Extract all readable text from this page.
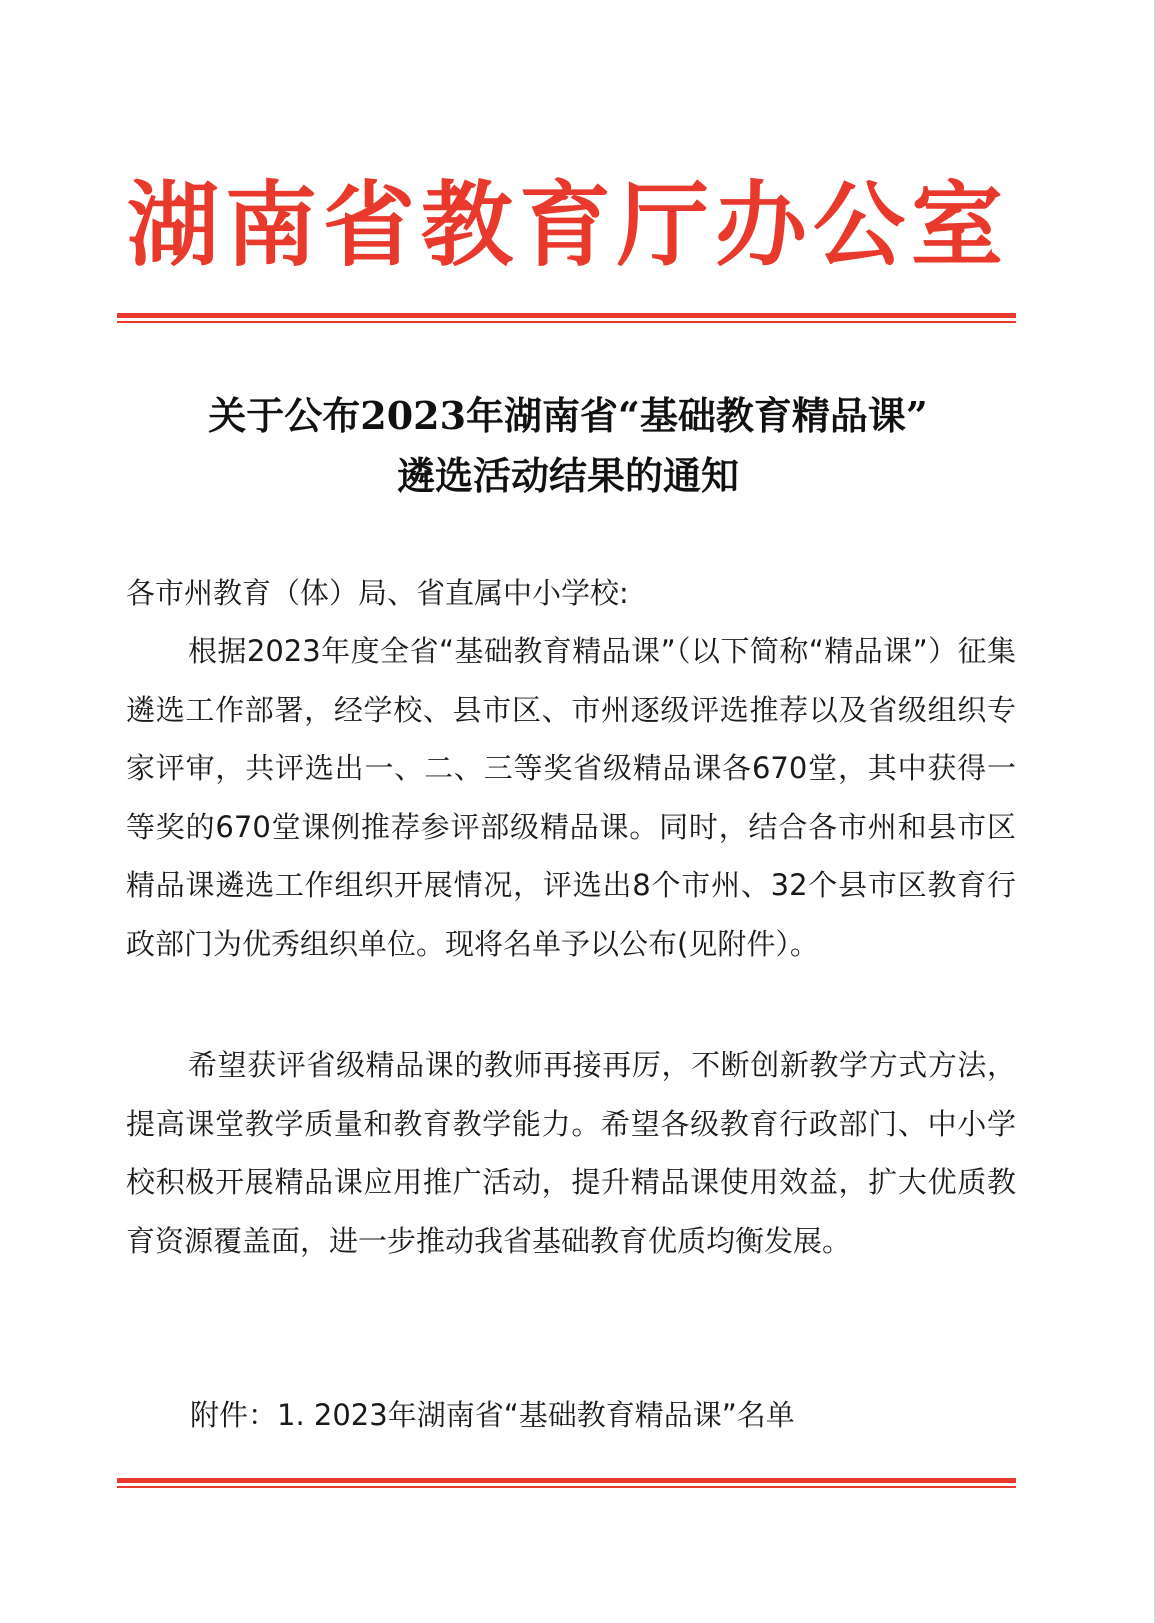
湖南省教育厅办公室
关于公布2023年湖南省“基础教育精品课”
遴选活动结果的通知
各市州教育（体）局、省直属中小学校:
根据2023年度全省“基础教育精品课”（以下简称“精品课”）征集遴选工作部署，经学校、县市区、市州逐级评选推荐以及省级组织专家评审，共评选出一、二、三等奖省级精品课各670堂，其中获得一等奖的670堂课例推荐参评部级精品课。同时，结合各市州和县市区精品课遴选工作组织开展情况，评选出8个市州、32个县市区教育行政部门为优秀组织单位。现将名单予以公布(见附件）。
希望获评省级精品课的教师再接再厉，不断创新教学方式方法，提高课堂教学质量和教育教学能力。希望各级教育行政部门、中小学校积极开展精品课应用推广活动，提升精品课使用效益，扩大优质教育资源覆盖面，进一步推动我省基础教育优质均衡发展。
附件：1. 2023年湖南省“基础教育精品课”名单
